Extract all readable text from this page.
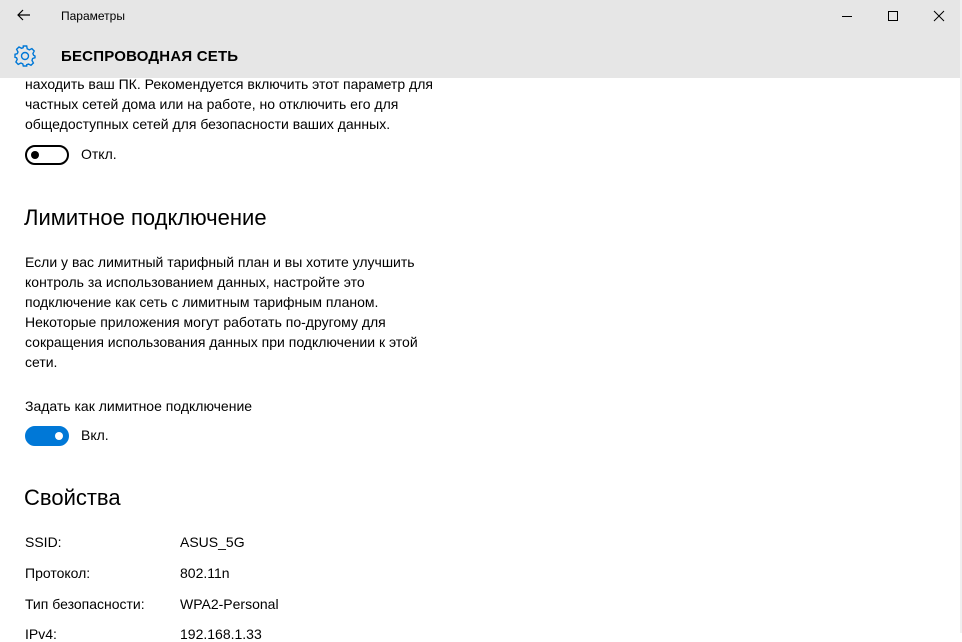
Параметры
БЕСПРОВОДНАЯ СЕТЬ
находить ваш ПК. Рекомендуется включить этот параметр для
частных сетей дома или на работе, но отключить его для
общедоступных сетей для безопасности ваших данных.
Откл.
Лимитное подключение
Если у вас лимитный тарифный план и вы хотите улучшить
контроль за использованием данных, настройте это
подключение как сеть с лимитным тарифным планом.
Некоторые приложения могут работать по-другому для
сокращения использования данных при подключении к этой
сети.
Задать как лимитное подключение
Вкл.
Свойства
SSID:	ASUS_5G
Протокол:	802.11n
Тип безопасности:	WPA2-Personal
IPv4:	192.168.1.33
